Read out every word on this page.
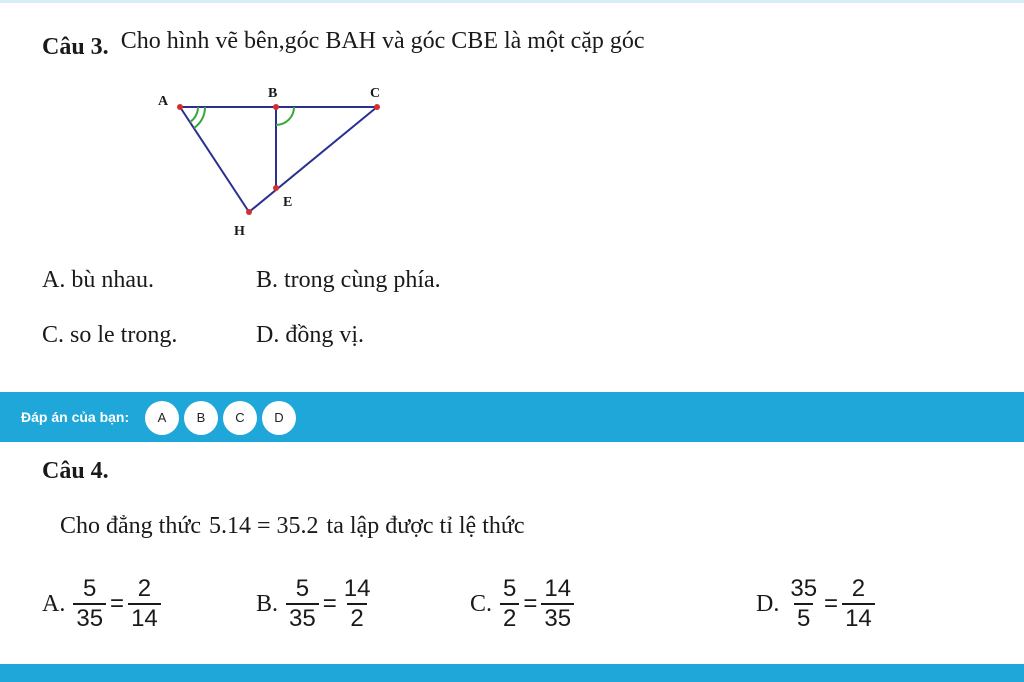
Câu 3. Cho hình vẽ bên,góc BAH và góc CBE là một cặp góc
A
B	C
E
H
A. bù nhau.	B. trong cùng phía.
C. so le trong.	D. đồng vị.
Đáp án của bạn:	A	B	C	D
Câu 4.
Cho đẳng thức 5.14 = 35.2 ta lập được tỉ lệ thức
A. $\frac{5}{35} = \frac{2}{14}$	B. $\frac{5}{35} = \frac{14}{2}$	C. $\frac{5}{2} = \frac{14}{35}$	D. $\frac{35}{5} = \frac{2}{14}$
